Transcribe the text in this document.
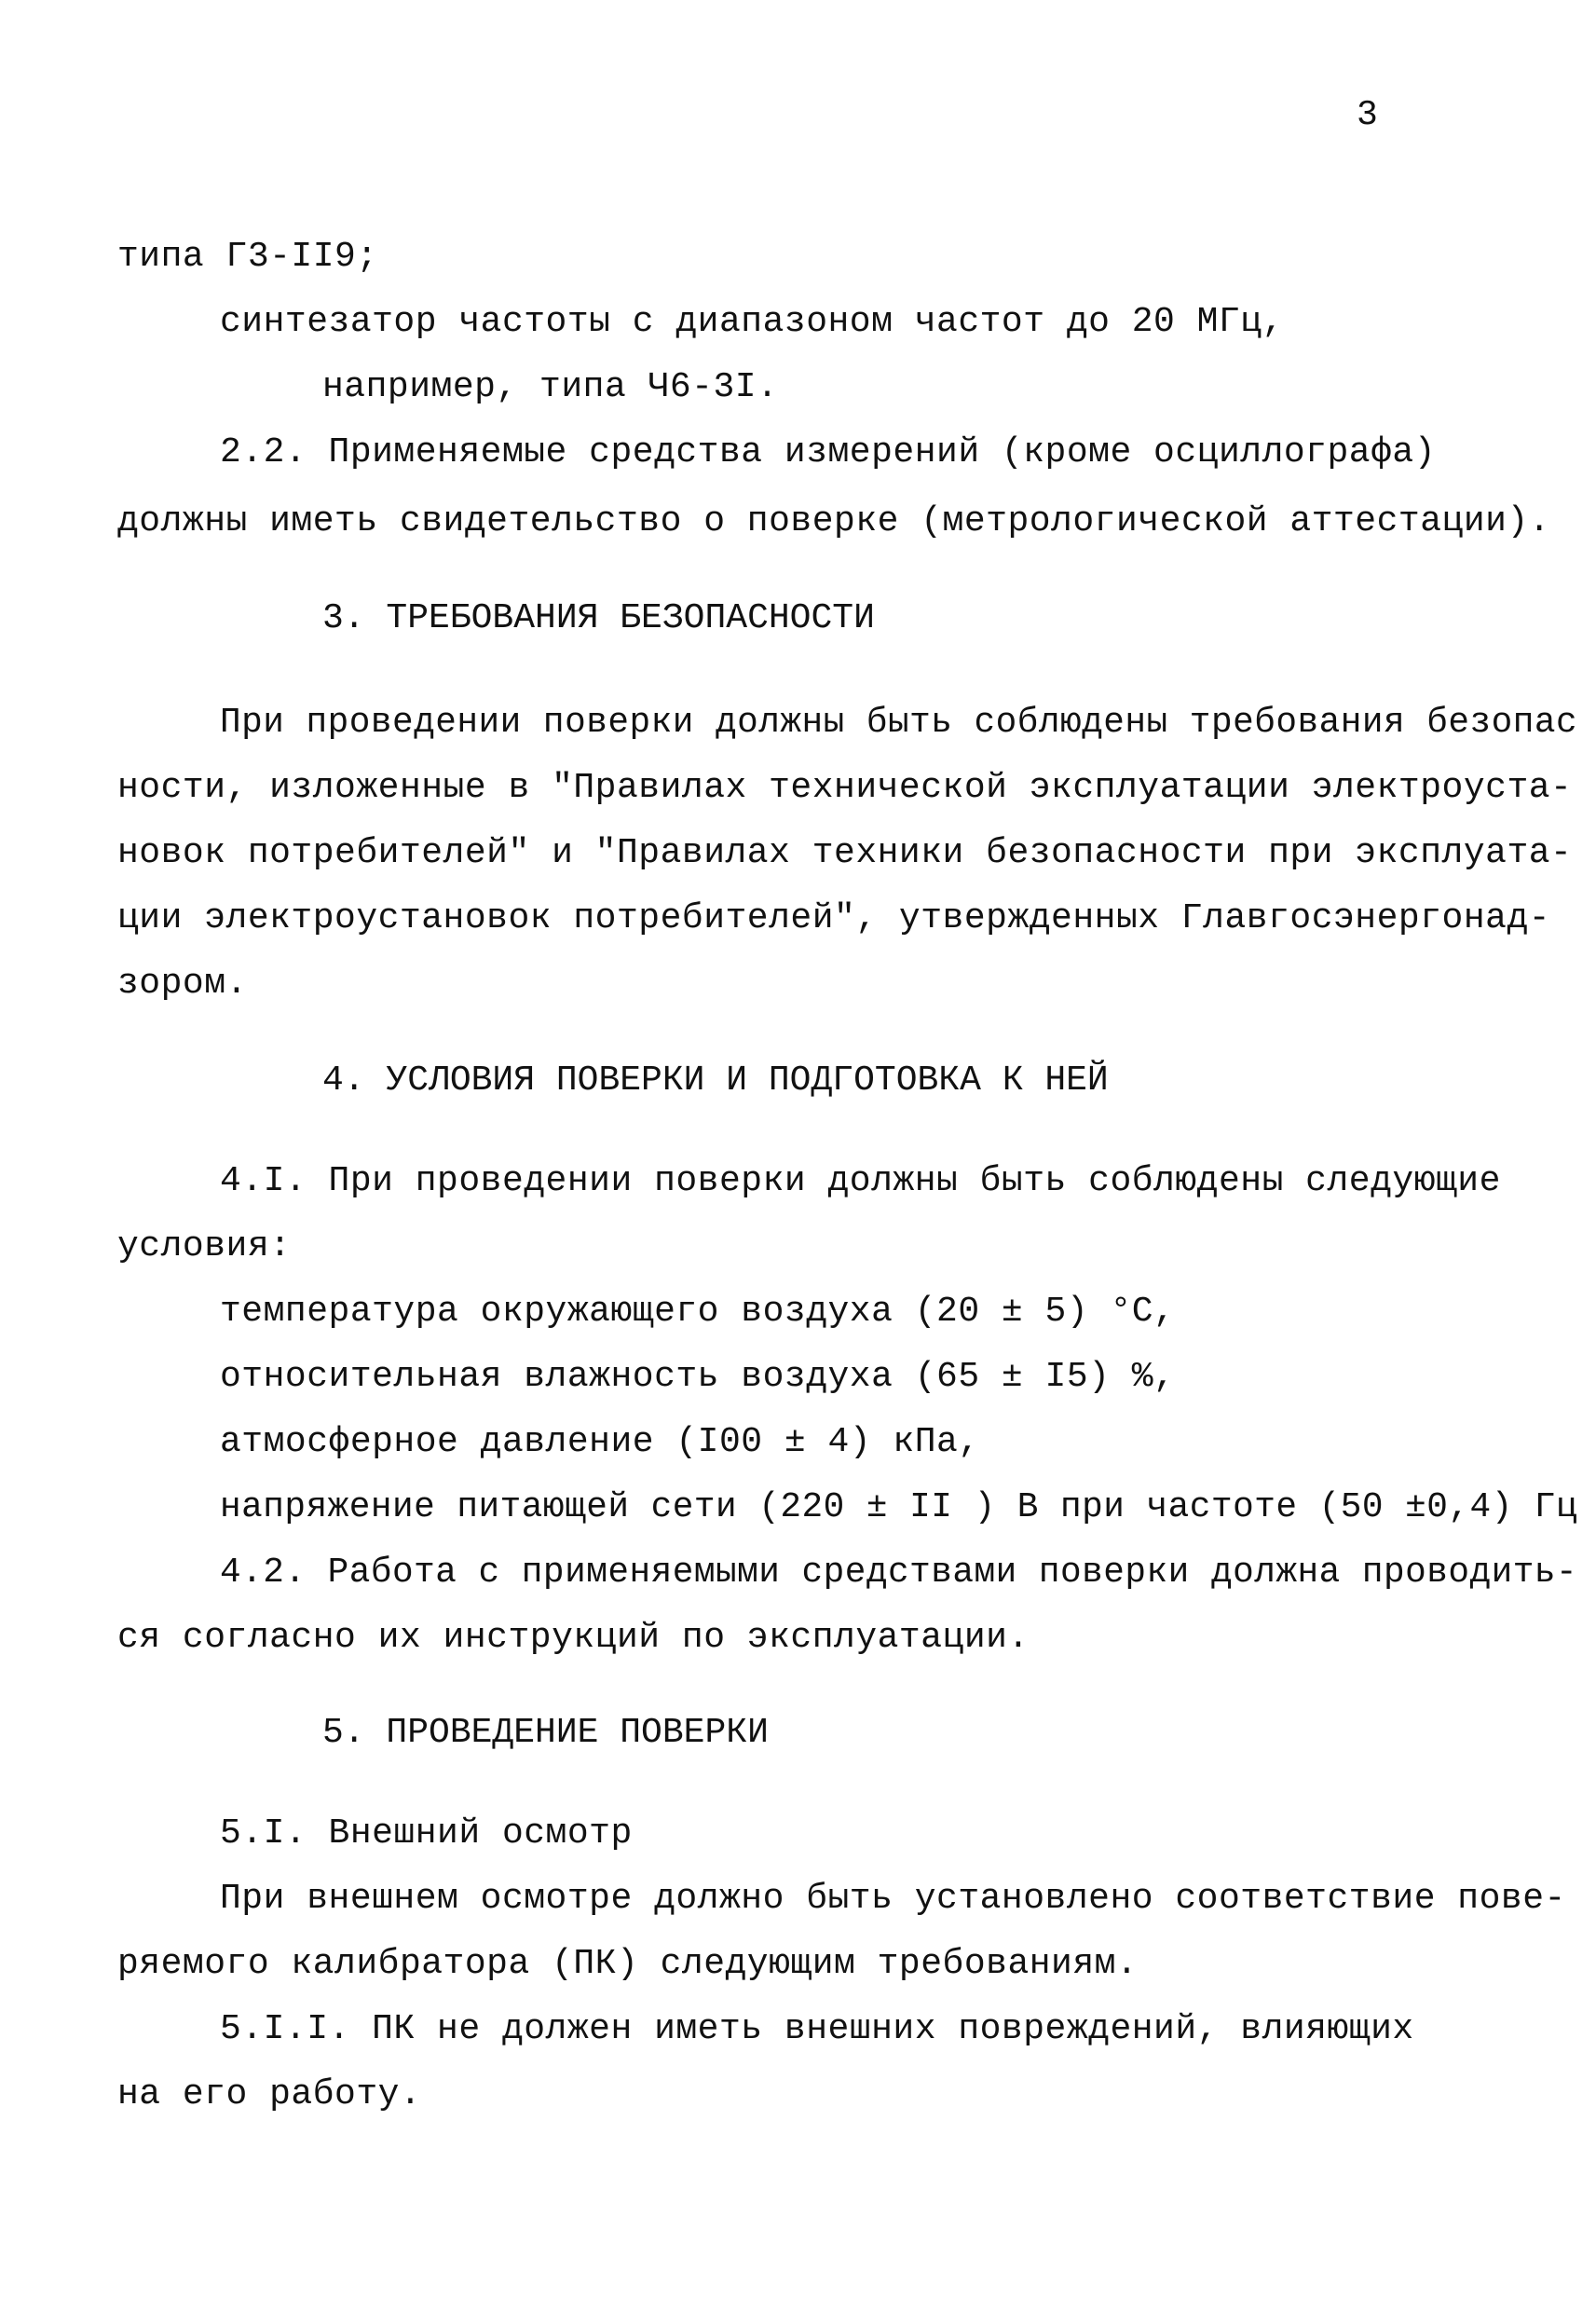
3
типа Г3-II9;
синтезатор частоты с диапазоном частот до 20 МГц,
например, типа Ч6-3I.
2.2. Применяемые средства измерений (кроме осциллографа)
должны иметь свидетельство о поверке (метрологической аттестации).
3. ТРЕБОВАНИЯ БЕЗОПАСНОСТИ
При проведении поверки должны быть соблюдены требования безопас
ности, изложенные в "Правилах технической эксплуатации электроуста-
новок потребителей" и "Правилах техники безопасности при эксплуата-
ции электроустановок потребителей", утвержденных Главгосэнергонад-
зором.
4. УСЛОВИЯ ПОВЕРКИ И ПОДГОТОВКА К НЕЙ
4.I. При проведении поверки должны быть соблюдены следующие
условия:
температура окружающего воздуха (20 ± 5) °С,
относительная влажность воздуха (65 ± I5) %,
атмосферное давление (I00 ± 4) кПа,
напряжение питающей сети (220 ± II ) В при частоте (50 ±0,4) Гц
4.2. Работа с применяемыми средствами поверки должна проводить-
ся согласно их инструкций по эксплуатации.
5. ПРОВЕДЕНИЕ ПОВЕРКИ
5.I. Внешний осмотр
При внешнем осмотре должно быть установлено соответствие пове-
ряемого калибратора (ПК) следующим требованиям.
5.I.I. ПК не должен иметь внешних повреждений, влияющих
на его работу.
